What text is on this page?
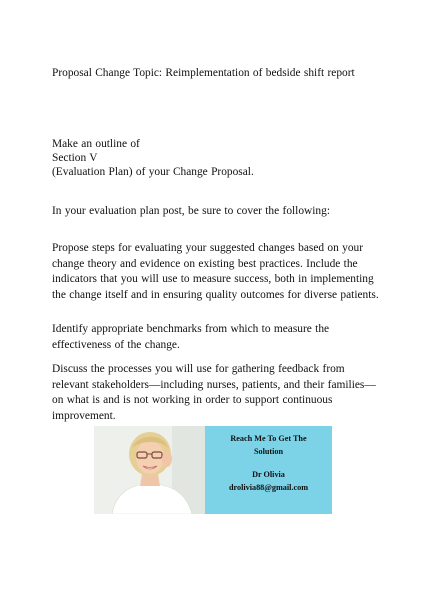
Proposal Change Topic: Reimplementation of bedside shift report

Make an outline of

Section V

(Evaluation Plan) of your Change Proposal.

In your evaluation plan post, be sure to cover the following:

Propose steps for evaluating your suggested changes based on your change theory and evidence on existing best practices. Include the indicators that you will use to measure success, both in implementing the change itself and in ensuring quality outcomes for diverse patients.

Identify appropriate benchmarks from which to measure the effectiveness of the change.

Discuss the processes you will use for gathering feedback from relevant stakeholders—including nurses, patients, and their families—on what is and is not working in order to support continuous improvement.

Reach Me To Get The
Solution
Dr Olivia
drolivia88@gmail.com
